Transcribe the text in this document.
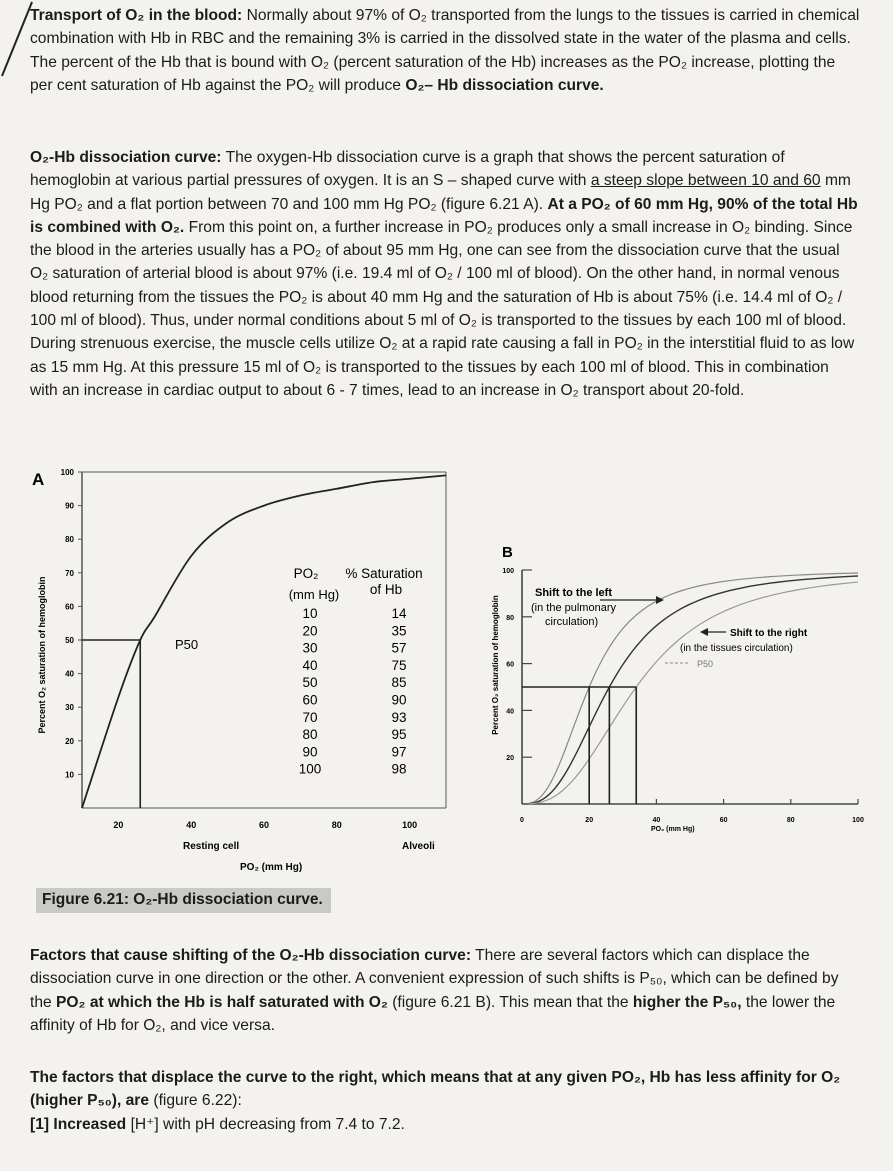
Transport of O₂ in the blood: Normally about 97% of O₂ transported from the lungs to the tissues is carried in chemical combination with Hb in RBC and the remaining 3% is carried in the dissolved state in the water of the plasma and cells. The percent of the Hb that is bound with O₂ (percent saturation of the Hb) increases as the PO₂ increase, plotting the per cent saturation of Hb against the PO₂ will produce O₂– Hb dissociation curve.

O₂-Hb dissociation curve: The oxygen-Hb dissociation curve is a graph that shows the percent saturation of hemoglobin at various partial pressures of oxygen. It is an S – shaped curve with a steep slope between 10 and 60 mm Hg PO₂ and a flat portion between 70 and 100 mm Hg PO₂ (figure 6.21 A). At a PO₂ of 60 mm Hg, 90% of the total Hb is combined with O₂. From this point on, a further increase in PO₂ produces only a small increase in O₂ binding. Since the blood in the arteries usually has a PO₂ of about 95 mm Hg, one can see from the dissociation curve that the usual O₂ saturation of arterial blood is about 97% (i.e. 19.4 ml of O₂ / 100 ml of blood). On the other hand, in normal venous blood returning from the tissues the PO₂ is about 40 mm Hg and the saturation of Hb is about 75% (i.e. 14.4 ml of O₂ / 100 ml of blood). Thus, under normal conditions about 5 ml of O₂ is transported to the tissues by each 100 ml of blood. During strenuous exercise, the muscle cells utilize O₂ at a rapid rate causing a fall in PO₂ in the interstitial fluid to as low as 15 mm Hg. At this pressure 15 ml of O₂ is transported to the tissues by each 100 ml of blood. This in combination with an increase in cardiac output to about 6 - 7 times, lead to an increase in O₂ transport about 20-fold.

A
Percent O₂ saturation of hemoglobin
100
90
80
70
60
50
40
30
20
10
20	40	60	80	100
P50
PO₂
(mm Hg)
% Saturation
of Hb
10	14
20	35
30	57
40	75
50	85
60	90
70	93
80	95
90	97
100	98
Resting cell	Alveoli
PO₂ (mm Hg)
B
Percent O₂ saturation of hemoglobin
100
80
60
40
20
0	20	40	60	80	100
Shift to the left
(in the pulmonary
circulation)
Shift to the right
(in the tissues circulation)
P50
PO₂ (mm Hg)
Figure 6.21: O₂-Hb dissociation curve.

Factors that cause shifting of the O₂-Hb dissociation curve: There are several factors which can displace the dissociation curve in one direction or the other. A convenient expression of such shifts is P₅₀, which can be defined by the PO₂ at which the Hb is half saturated with O₂ (figure 6.21 B). This mean that the higher the P₅₀, the lower the affinity of Hb for O₂, and vice versa.

The factors that displace the curve to the right, which means that at any given PO₂, Hb has less affinity for O₂ (higher P₅₀), are (figure 6.22):
[1] Increased [H⁺] with pH decreasing from 7.4 to 7.2.
